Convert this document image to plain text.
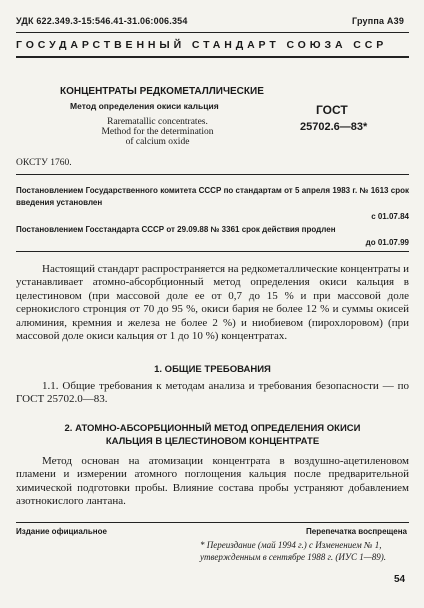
УДК 622.349.3-15:546.41-31.06:006.354	Группа А39
ГОСУДАРСТВЕННЫЙ СТАНДАРТ СОЮЗА ССР
КОНЦЕНТРАТЫ РЕДКОМЕТАЛЛИЧЕСКИЕ
Метод определения окиси кальция
Rarematallic concentrates.
Method for the determination
of calcium oxide
ГОСТ
25702.6—83*
ОКСТУ 1760.
Постановлением Государственного комитета СССР по стандартам от 5 апреля 1983 г. № 1613 срок введения установлен
с 01.07.84
Постановлением Госстандарта СССР от 29.09.88 № 3361 срок действия продлен
до 01.07.99
Настоящий стандарт распространяется на редкометаллические концентраты и устанавливает атомно-абсорбционный метод определения окиси кальция в целестиновом (при массовой доле ее от 0,7 до 15 % и при массовой доле сернокислого стронция от 70 до 95 %, окиси бария не более 12 % и суммы окисей алюминия, кремния и железа не более 2 %) и ниобиевом (пирохлоровом) (при массовой доле окиси кальция от 1 до 10 %) концентратах.
1. ОБЩИЕ ТРЕБОВАНИЯ
1.1. Общие требования к методам анализа и требования безопасности — по ГОСТ 25702.0—83.
2. АТОМНО-АБСОРБЦИОННЫЙ МЕТОД ОПРЕДЕЛЕНИЯ ОКИСИ
КАЛЬЦИЯ В ЦЕЛЕСТИНОВОМ КОНЦЕНТРАТЕ
Метод основан на атомизации концентрата в воздушно-ацетиленовом пламени и измерении атомного поглощения кальция после предварительной химической подготовки пробы. Влияние состава пробы устраняют добавлением азотнокислого лантана.
Издание официальное	Перепечатка воспрещена
* Переиздание (май 1994 г.) с Изменением № 1,
утвержденным в сентябре 1988 г. (ИУС 1—89).
54
